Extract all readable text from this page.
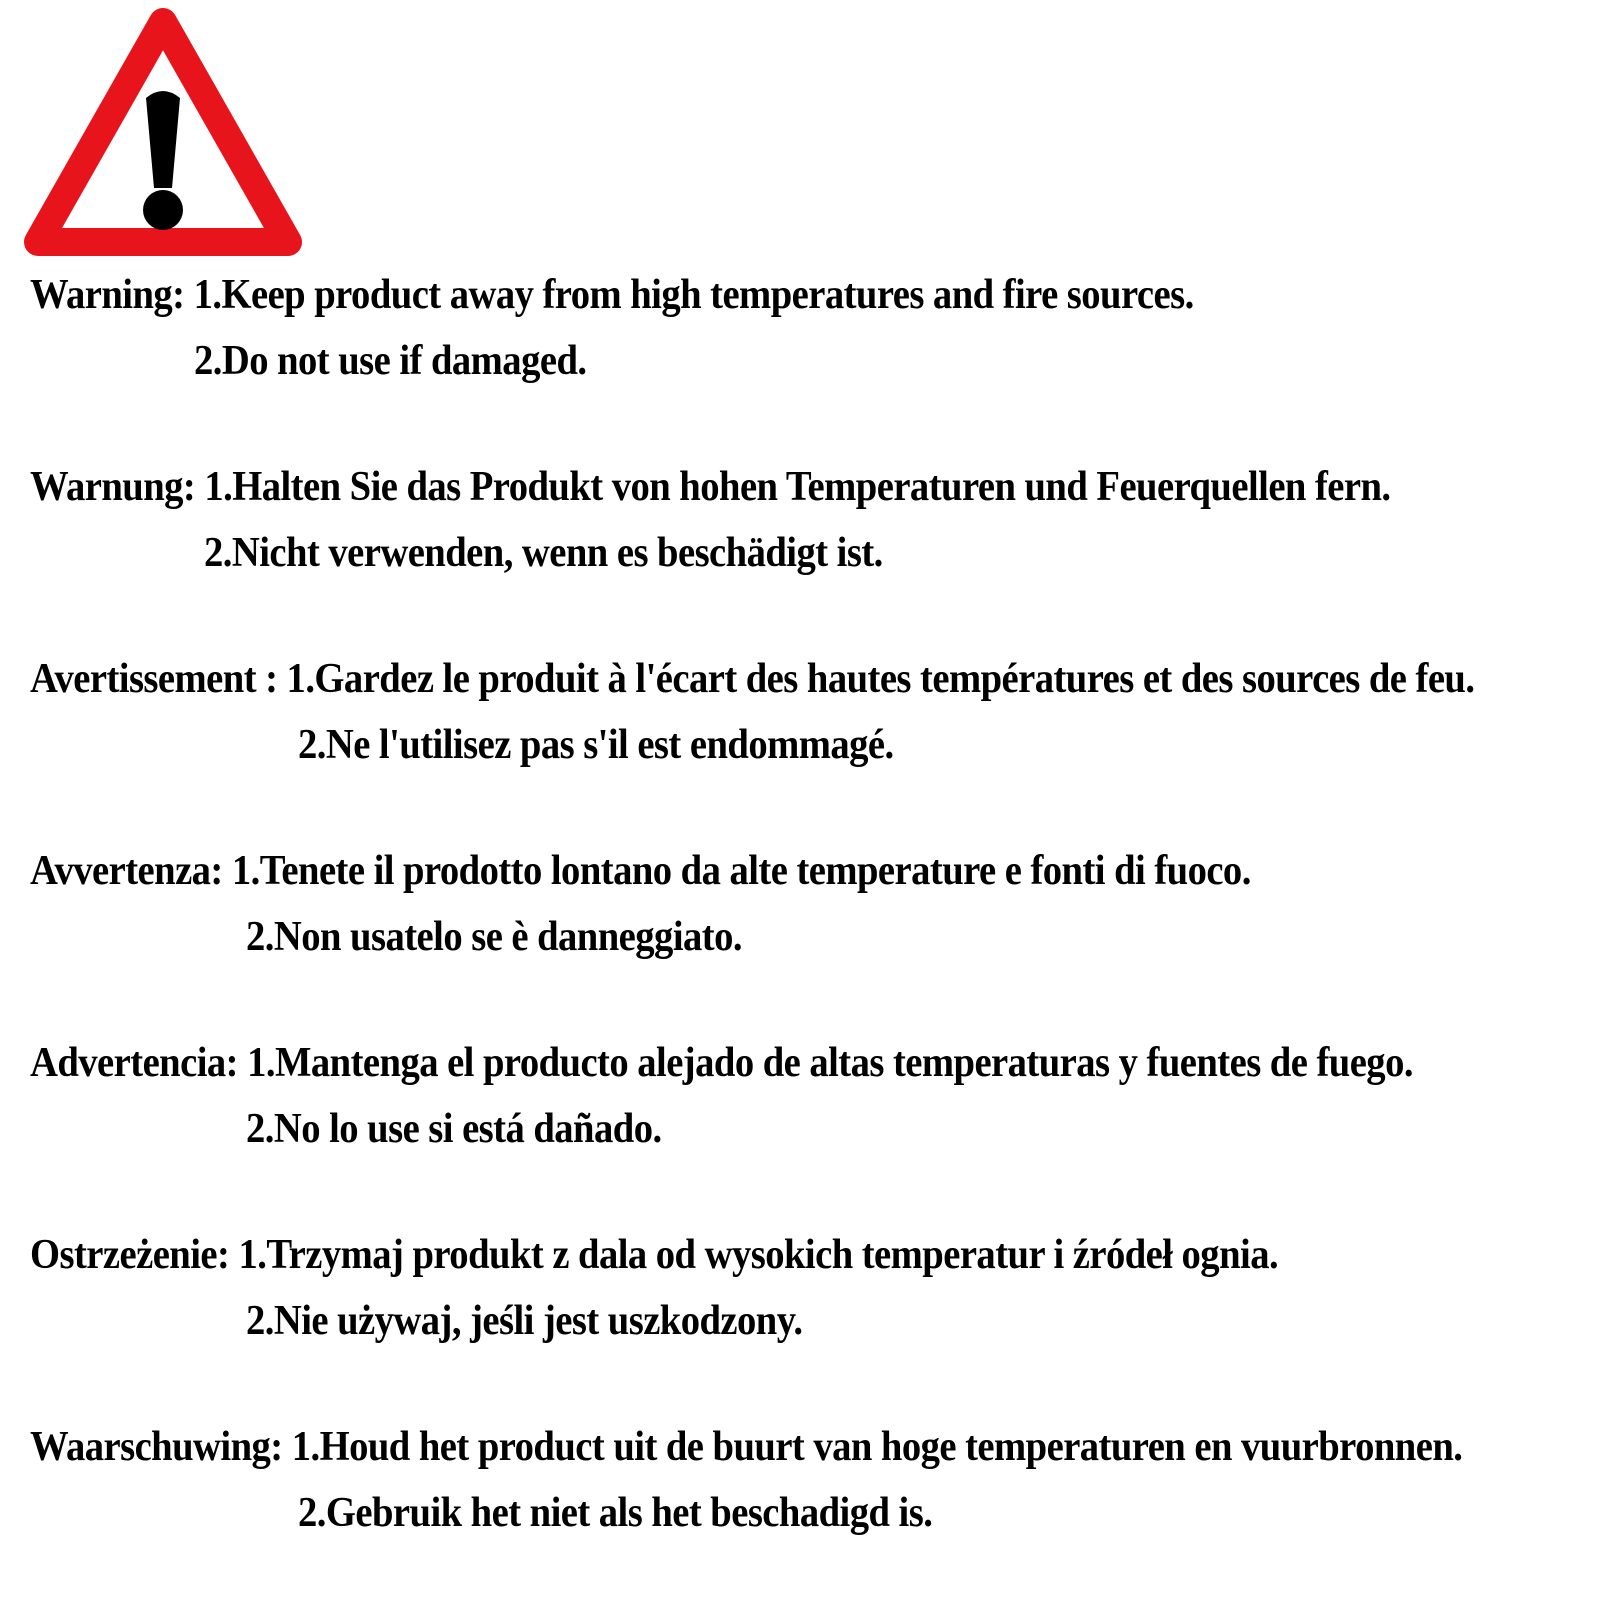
Warning: 1.Keep product away from high temperatures and fire sources.
2.Do not use if damaged.
Warnung: 1.Halten Sie das Produkt von hohen Temperaturen und Feuerquellen fern.
2.Nicht verwenden, wenn es beschädigt ist.
Avertissement : 1.Gardez le produit à l'écart des hautes températures et des sources de feu.
2.Ne l'utilisez pas s'il est endommagé.
Avvertenza: 1.Tenete il prodotto lontano da alte temperature e fonti di fuoco.
2.Non usatelo se è danneggiato.
Advertencia: 1.Mantenga el producto alejado de altas temperaturas y fuentes de fuego.
2.No lo use si está dañado.
Ostrzeżenie: 1.Trzymaj produkt z dala od wysokich temperatur i źródeł ognia.
2.Nie używaj, jeśli jest uszkodzony.
Waarschuwing: 1.Houd het product uit de buurt van hoge temperaturen en vuurbronnen.
2.Gebruik het niet als het beschadigd is.
